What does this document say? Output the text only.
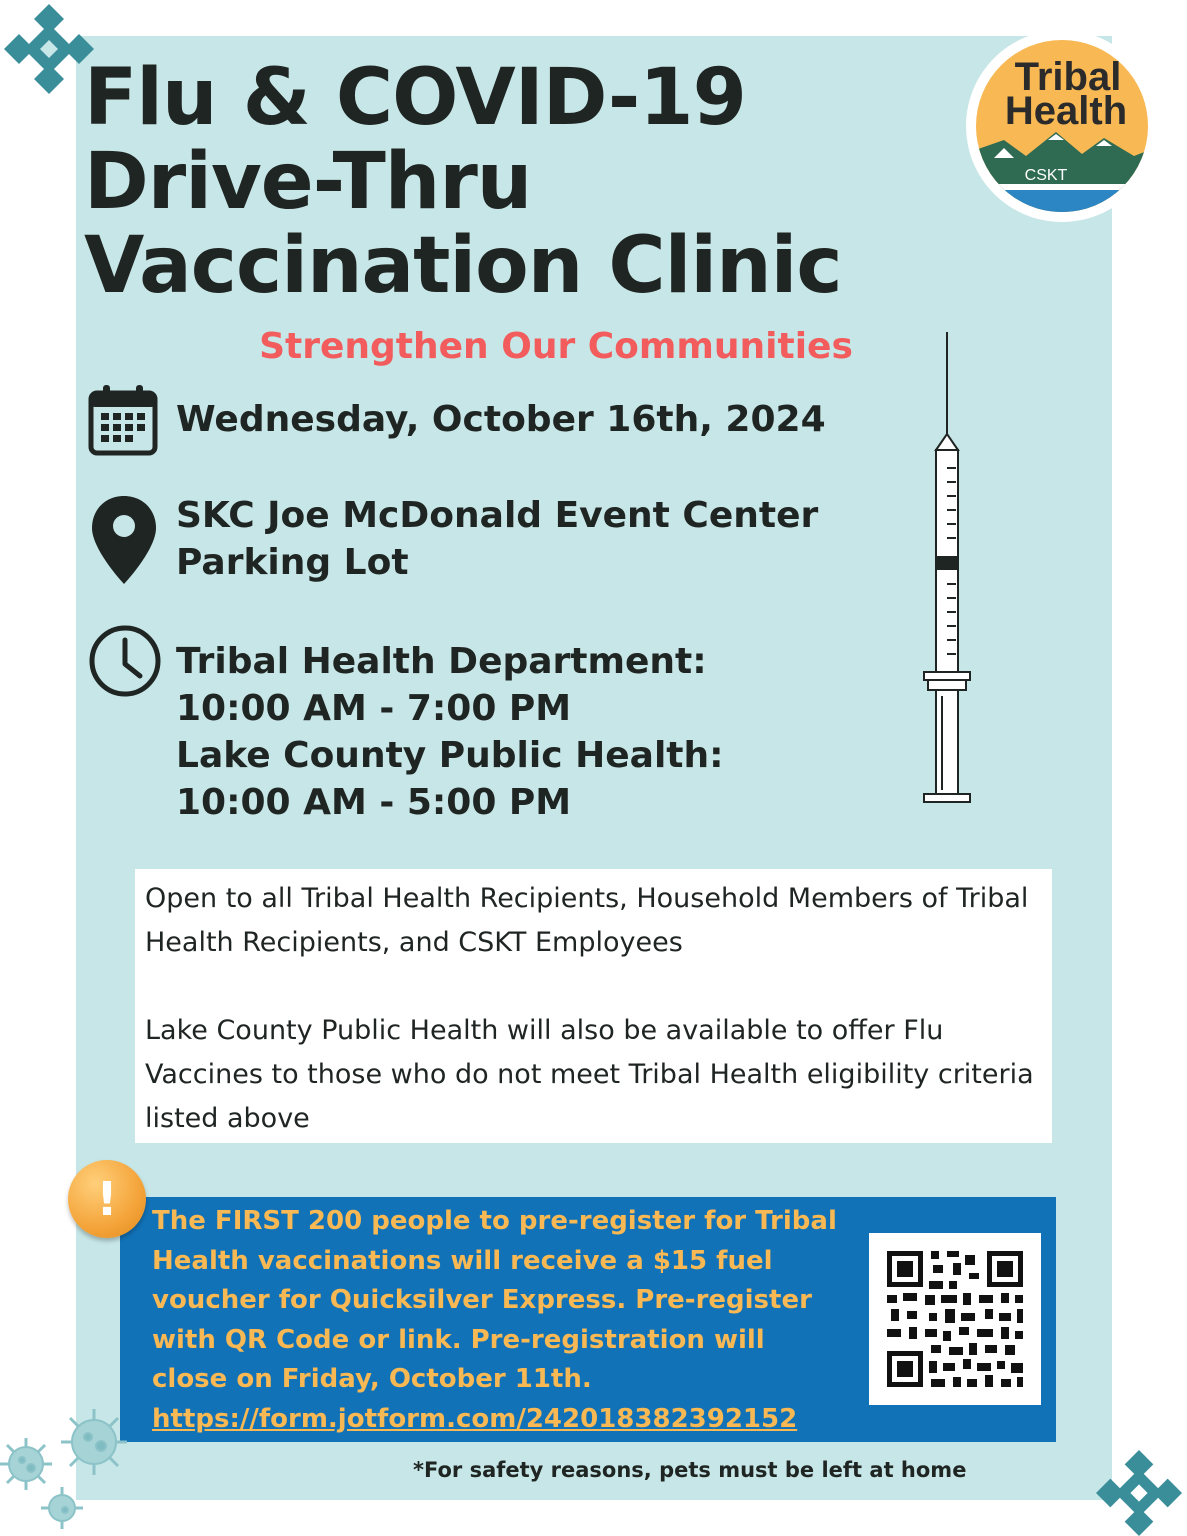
Tribal
Health
CSKT
Flu & COVID-19
Drive-Thru
Vaccination Clinic
Strengthen Our Communities
Wednesday, October 16th, 2024
SKC Joe McDonald Event Center
Parking Lot
Tribal Health Department:
10:00 AM - 7:00 PM
Lake County Public Health:
10:00 AM - 5:00 PM

Open to all Tribal Health Recipients, Household Members of Tribal Health Recipients, and CSKT Employees

Lake County Public Health will also be available to offer Flu Vaccines to those who do not meet Tribal Health eligibility criteria listed above

The FIRST 200 people to pre-register for Tribal
Health vaccinations will receive a $15 fuel
voucher for Quicksilver Express. Pre-register
with QR Code or link. Pre-registration will
close on Friday, October 11th.
https://form.jotform.com/242018382392152
!
*For safety reasons, pets must be left at home
